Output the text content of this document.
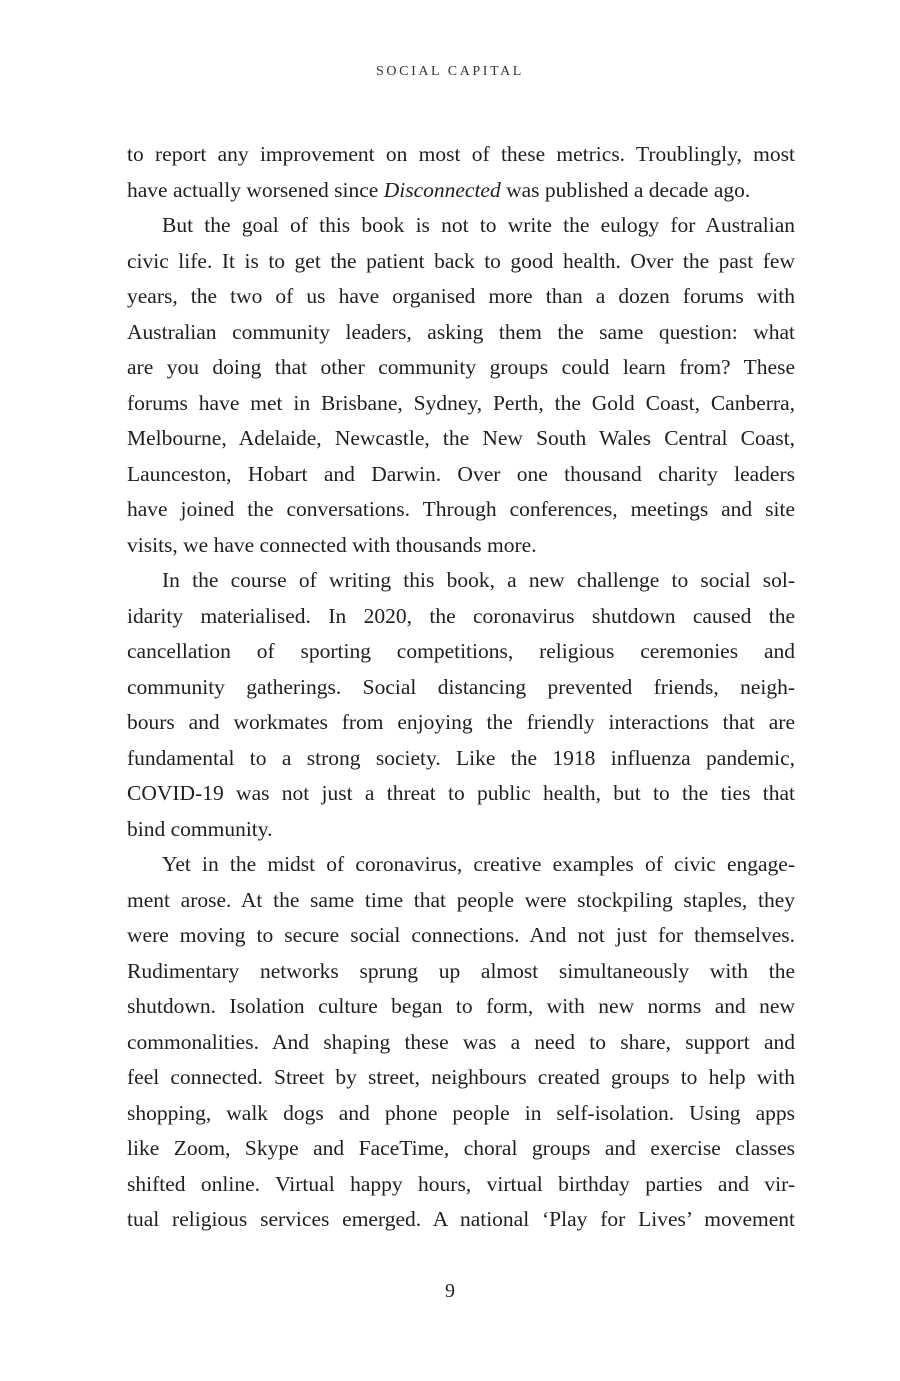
SOCIAL CAPITAL
to report any improvement on most of these metrics. Troublingly, most
have actually worsened since Disconnected was published a decade ago.
But the goal of this book is not to write the eulogy for Australian
civic life. It is to get the patient back to good health. Over the past few
years, the two of us have organised more than a dozen forums with
Australian community leaders, asking them the same question: what
are you doing that other community groups could learn from? These
forums have met in Brisbane, Sydney, Perth, the Gold Coast, Canberra,
Melbourne, Adelaide, Newcastle, the New South Wales Central Coast,
Launceston, Hobart and Darwin. Over one thousand charity leaders
have joined the conversations. Through conferences, meetings and site
visits, we have connected with thousands more.
In the course of writing this book, a new challenge to social sol-
idarity materialised. In 2020, the coronavirus shutdown caused the
cancellation of sporting competitions, religious ceremonies and
community gatherings. Social distancing prevented friends, neigh-
bours and workmates from enjoying the friendly interactions that are
fundamental to a strong society. Like the 1918 influenza pandemic,
COVID-19 was not just a threat to public health, but to the ties that
bind community.
Yet in the midst of coronavirus, creative examples of civic engage-
ment arose. At the same time that people were stockpiling staples, they
were moving to secure social connections. And not just for themselves.
Rudimentary networks sprung up almost simultaneously with the
shutdown. Isolation culture began to form, with new norms and new
commonalities. And shaping these was a need to share, support and
feel connected. Street by street, neighbours created groups to help with
shopping, walk dogs and phone people in self-isolation. Using apps
like Zoom, Skype and FaceTime, choral groups and exercise classes
shifted online. Virtual happy hours, virtual birthday parties and vir-
tual religious services emerged. A national ‘Play for Lives’ movement
9
